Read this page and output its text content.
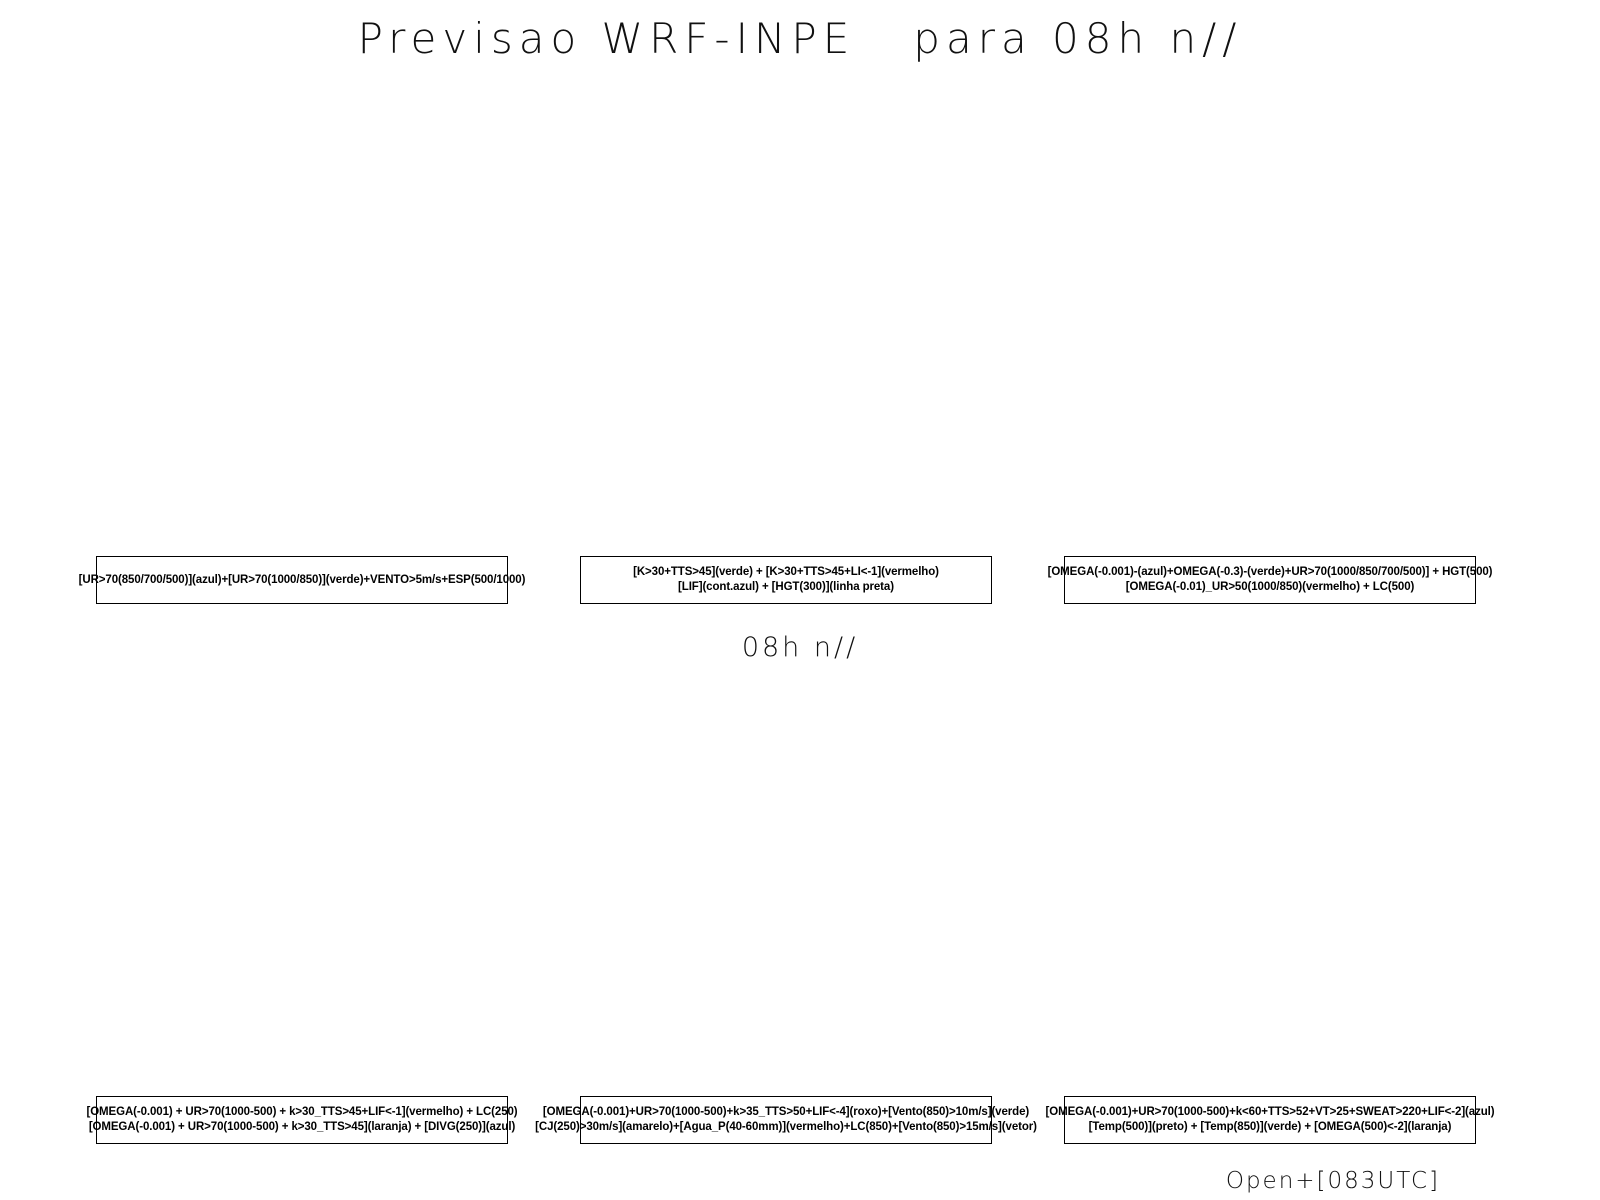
Previsao WRF-INPE   para 08h n//
[UR>70(850/700/500)](azul)+[UR>70(1000/850)](verde)+VENTO>5m/s+ESP(500/1000)
[K>30+TTS>45](verde) + [K>30+TTS>45+LI<-1](vermelho)
[LIF](cont.azul) + [HGT(300)](linha preta)
[OMEGA(-0.001)-(azul)+OMEGA(-0.3)-(verde)+UR>70(1000/850/700/500)] + HGT(500)
[OMEGA(-0.01)_UR>50(1000/850)(vermelho) + LC(500)
08h n//
[OMEGA(-0.001) + UR>70(1000-500) + k>30_TTS>45+LIF<-1](vermelho) + LC(250)
[OMEGA(-0.001) + UR>70(1000-500) + k>30_TTS>45](laranja) + [DIVG(250)](azul)
[OMEGA(-0.001)+UR>70(1000-500)+k>35_TTS>50+LIF<-4](roxo)+[Vento(850)>10m/s](verde)
[CJ(250)>30m/s](amarelo)+[Agua_P(40-60mm)](vermelho)+LC(850)+[Vento(850)>15m/s](vetor)
[OMEGA(-0.001)+UR>70(1000-500)+k<60+TTS>52+VT>25+SWEAT>220+LIF<-2](azul)
[Temp(500)](preto) + [Temp(850)](verde) + [OMEGA(500)<-2](laranja)
Open+[083UTC]
